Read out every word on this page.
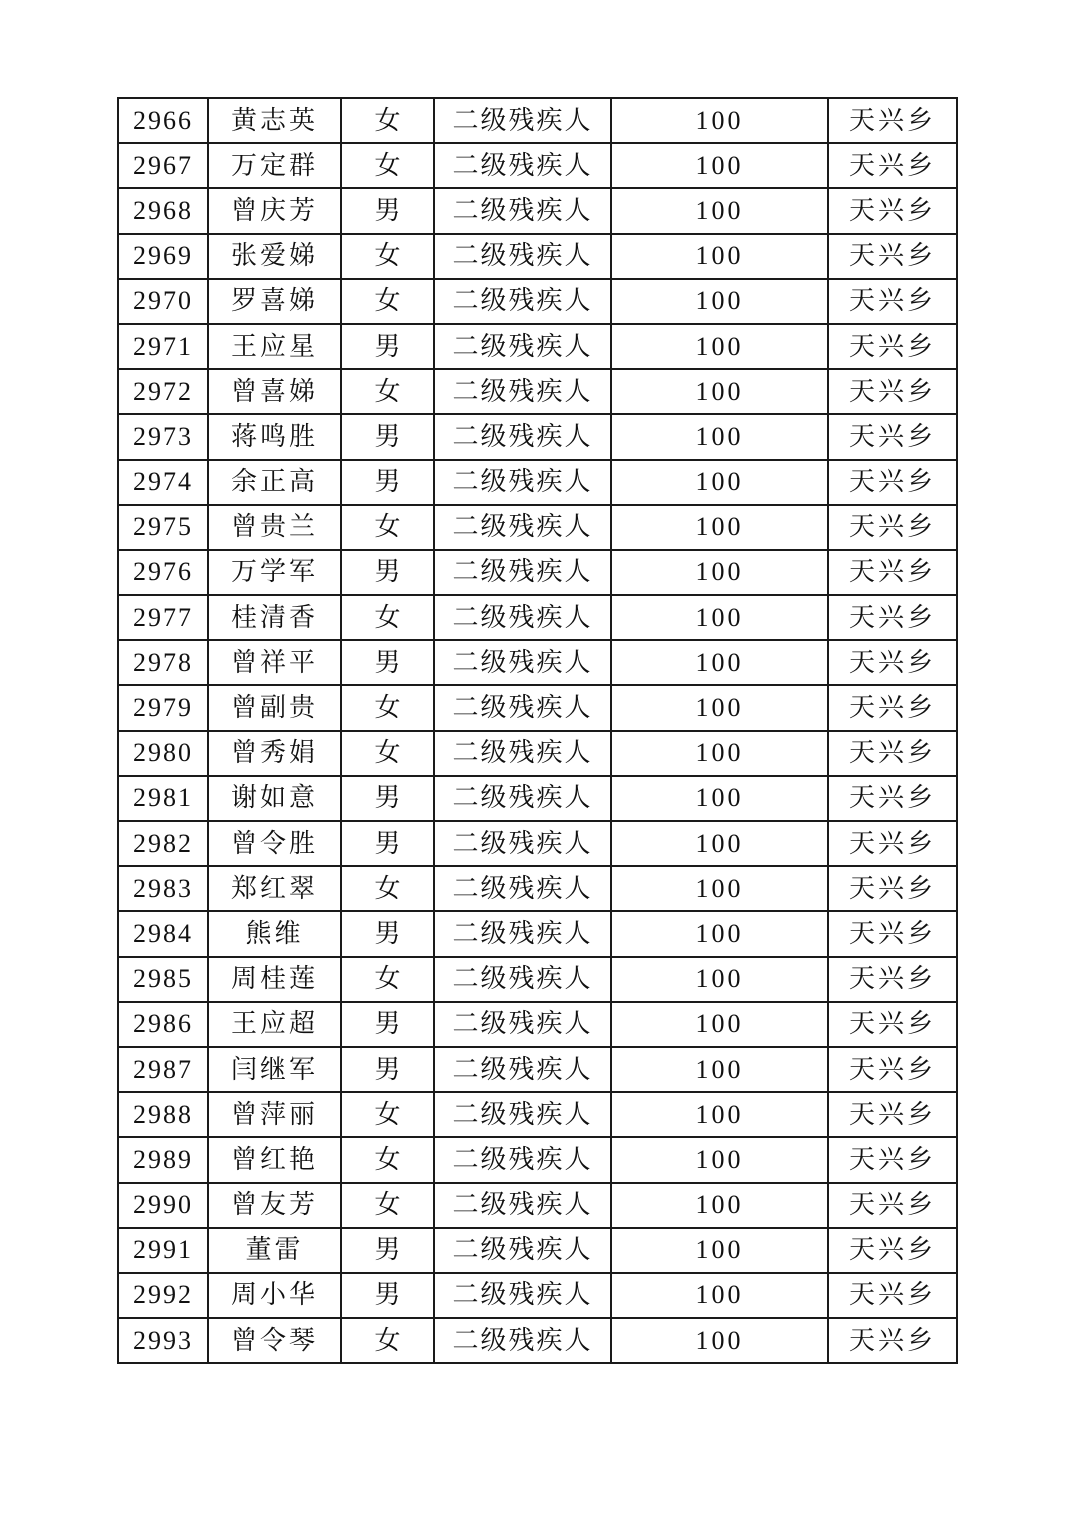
2966	黄志英	女	二级残疾人	100	天兴乡
2967	万定群	女	二级残疾人	100	天兴乡
2968	曾庆芳	男	二级残疾人	100	天兴乡
2969	张爱娣	女	二级残疾人	100	天兴乡
2970	罗喜娣	女	二级残疾人	100	天兴乡
2971	王应星	男	二级残疾人	100	天兴乡
2972	曾喜娣	女	二级残疾人	100	天兴乡
2973	蒋鸣胜	男	二级残疾人	100	天兴乡
2974	余正高	男	二级残疾人	100	天兴乡
2975	曾贵兰	女	二级残疾人	100	天兴乡
2976	万学军	男	二级残疾人	100	天兴乡
2977	桂清香	女	二级残疾人	100	天兴乡
2978	曾祥平	男	二级残疾人	100	天兴乡
2979	曾副贵	女	二级残疾人	100	天兴乡
2980	曾秀娟	女	二级残疾人	100	天兴乡
2981	谢如意	男	二级残疾人	100	天兴乡
2982	曾令胜	男	二级残疾人	100	天兴乡
2983	郑红翠	女	二级残疾人	100	天兴乡
2984	熊维	男	二级残疾人	100	天兴乡
2985	周桂莲	女	二级残疾人	100	天兴乡
2986	王应超	男	二级残疾人	100	天兴乡
2987	闫继军	男	二级残疾人	100	天兴乡
2988	曾萍丽	女	二级残疾人	100	天兴乡
2989	曾红艳	女	二级残疾人	100	天兴乡
2990	曾友芳	女	二级残疾人	100	天兴乡
2991	董雷	男	二级残疾人	100	天兴乡
2992	周小华	男	二级残疾人	100	天兴乡
2993	曾令琴	女	二级残疾人	100	天兴乡
